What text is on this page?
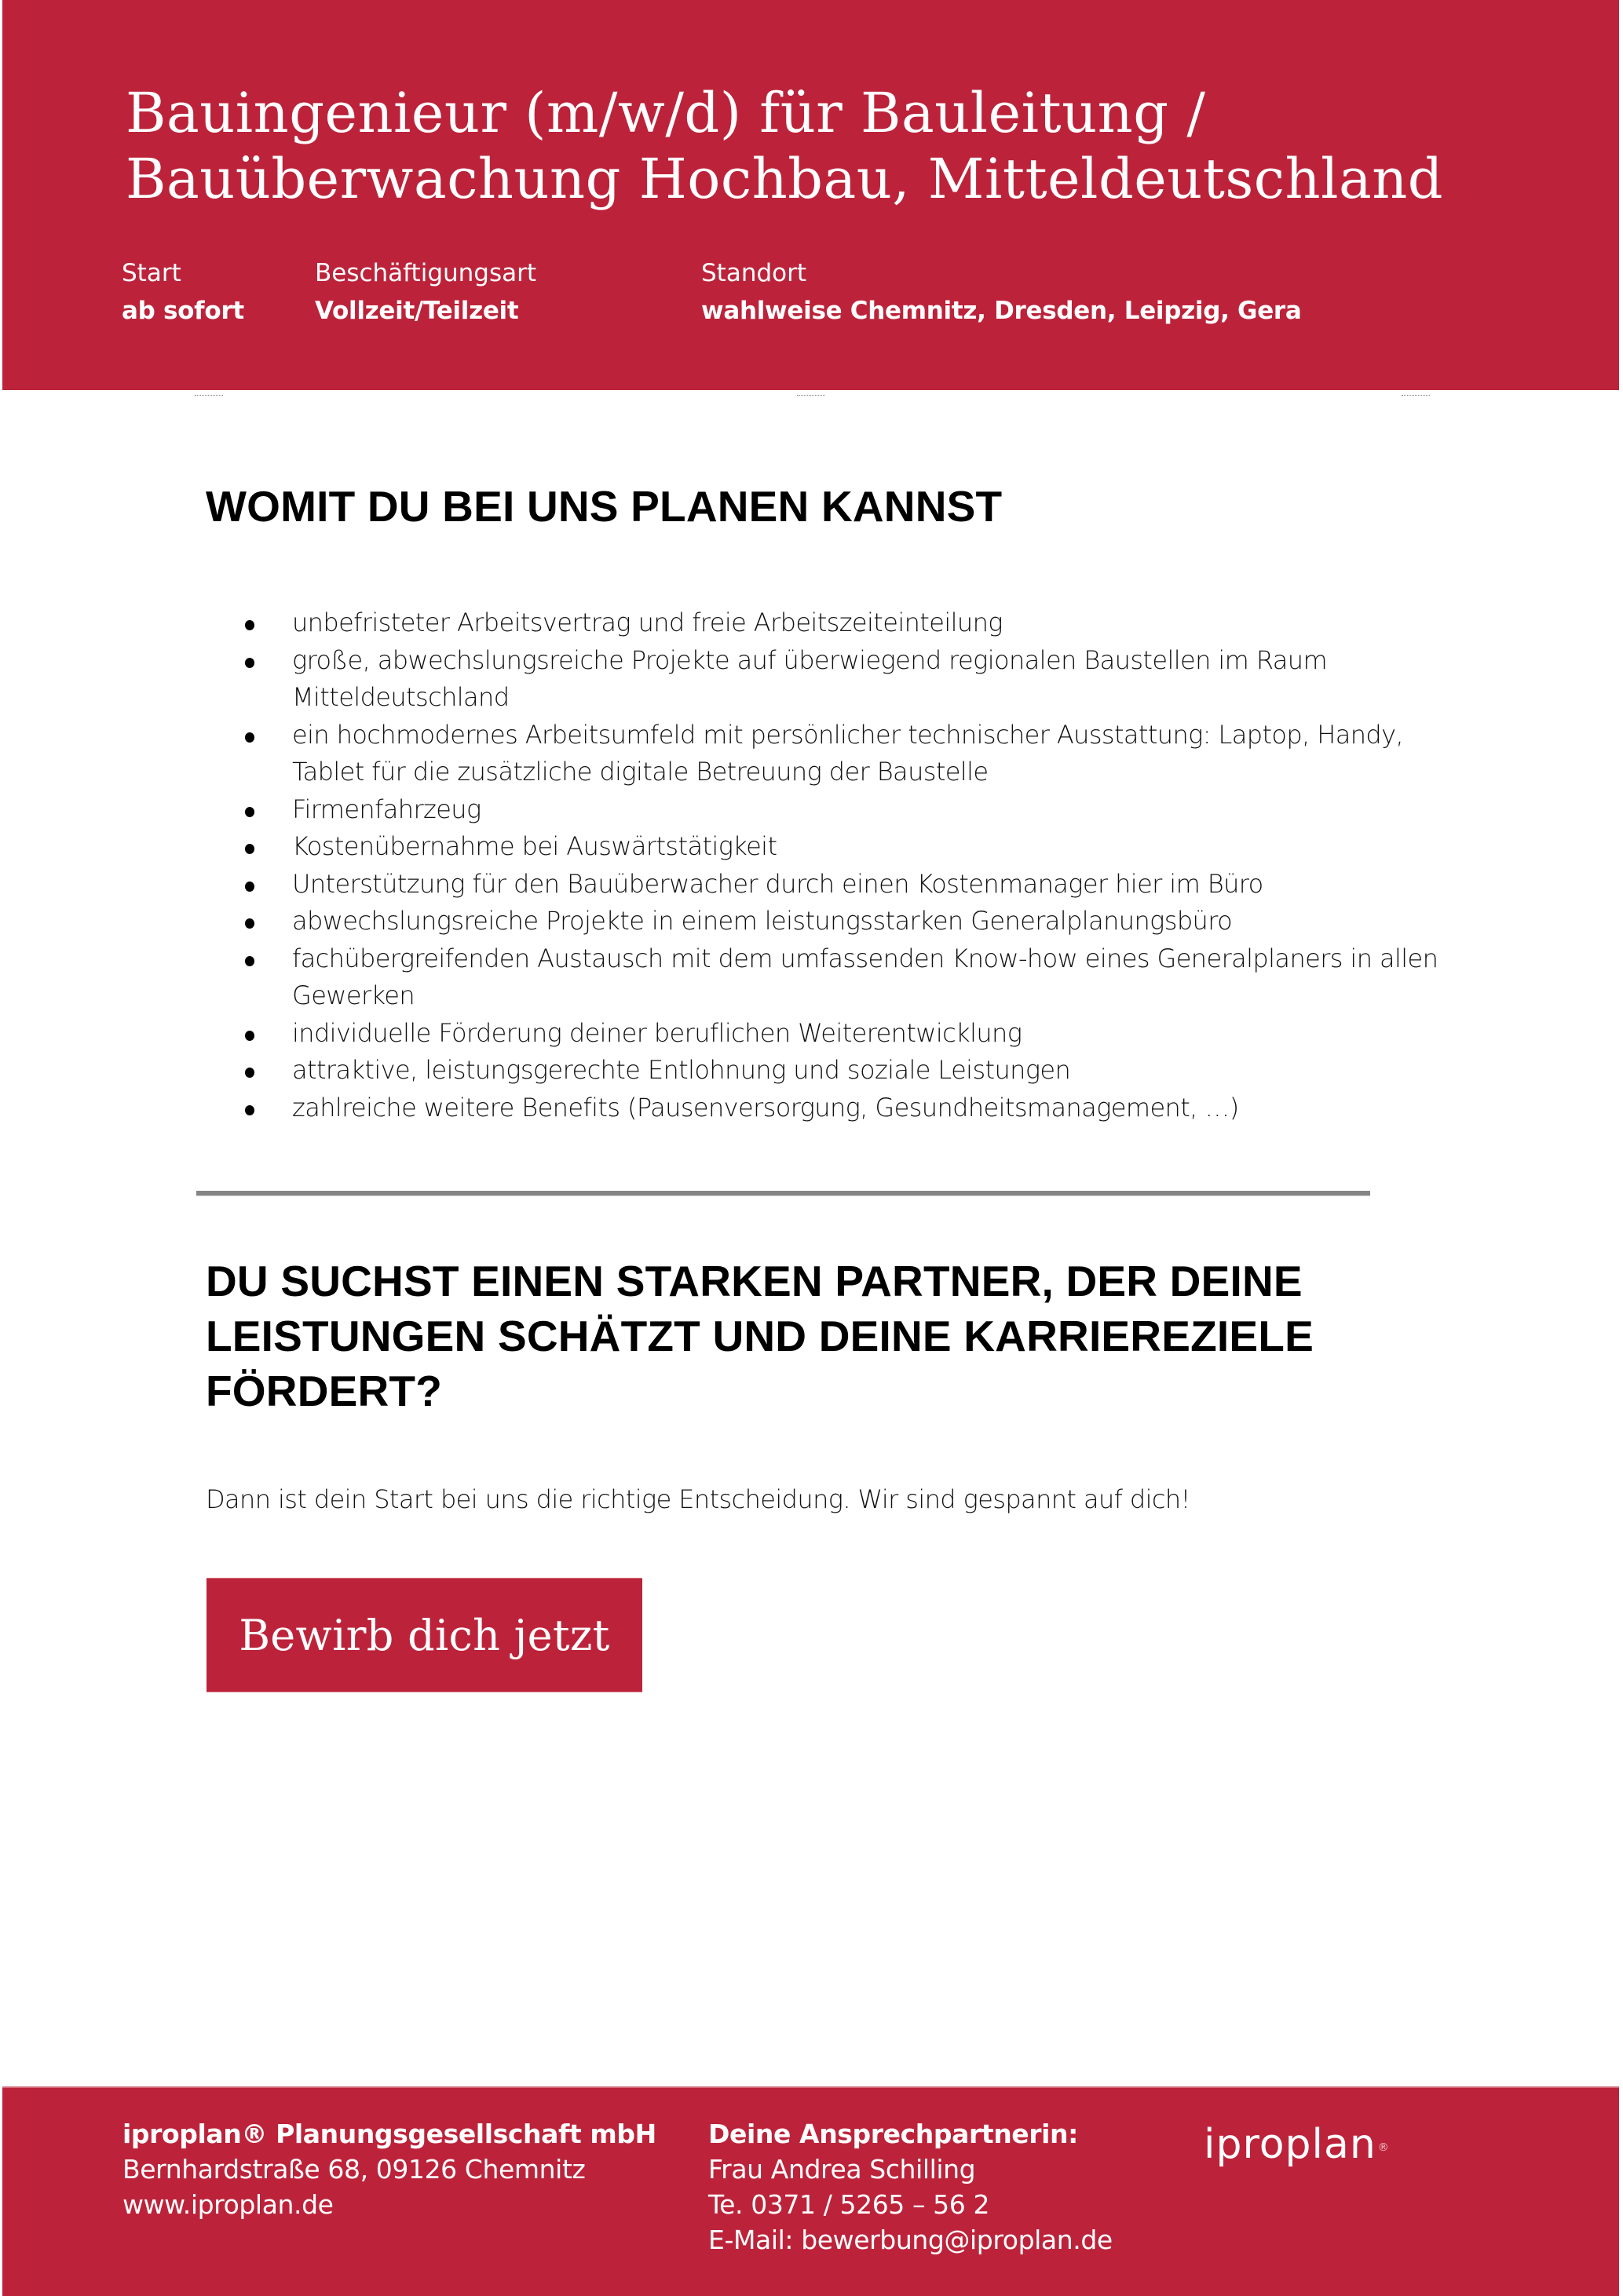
Bauingenieur (m/w/d) für Bauleitung /
Bauüberwachung Hochbau, Mitteldeutschland
Start
ab sofort
Beschäftigungsart
Vollzeit/Teilzeit
Standort
wahlweise Chemnitz, Dresden, Leipzig, Gera
WOMIT DU BEI UNS PLANEN KANNST
unbefristeter Arbeitsvertrag und freie Arbeitszeiteinteilung
große, abwechslungsreiche Projekte auf überwiegend regionalen Baustellen im Raum Mitteldeutschland
ein hochmodernes Arbeitsumfeld mit persönlicher technischer Ausstattung: Laptop, Handy, Tablet für die zusätzliche digitale Betreuung der Baustelle
Firmenfahrzeug
Kostenübernahme bei Auswärtstätigkeit
Unterstützung für den Bauüberwacher durch einen Kostenmanager hier im Büro
abwechslungsreiche Projekte in einem leistungsstarken Generalplanungsbüro
fachübergreifenden Austausch mit dem umfassenden Know-how eines Generalplaners in allen Gewerken
individuelle Förderung deiner beruflichen Weiterentwicklung
attraktive, leistungsgerechte Entlohnung und soziale Leistungen
zahlreiche weitere Benefits (Pausenversorgung, Gesundheitsmanagement, …)
DU SUCHST EINEN STARKEN PARTNER, DER DEINE
LEISTUNGEN SCHÄTZT UND DEINE KARRIEREZIELE
FÖRDERT?

Dann ist dein Start bei uns die richtige Entscheidung. Wir sind gespannt auf dich!

Bewirb dich jetzt
iproplan® Planungsgesellschaft mbH
Bernhardstraße 68, 09126 Chemnitz
www.iproplan.de
Deine Ansprechpartnerin:
Frau Andrea Schilling
Te. 0371 / 5265 – 56 2
E-Mail: bewerbung@iproplan.de
iproplan ®
